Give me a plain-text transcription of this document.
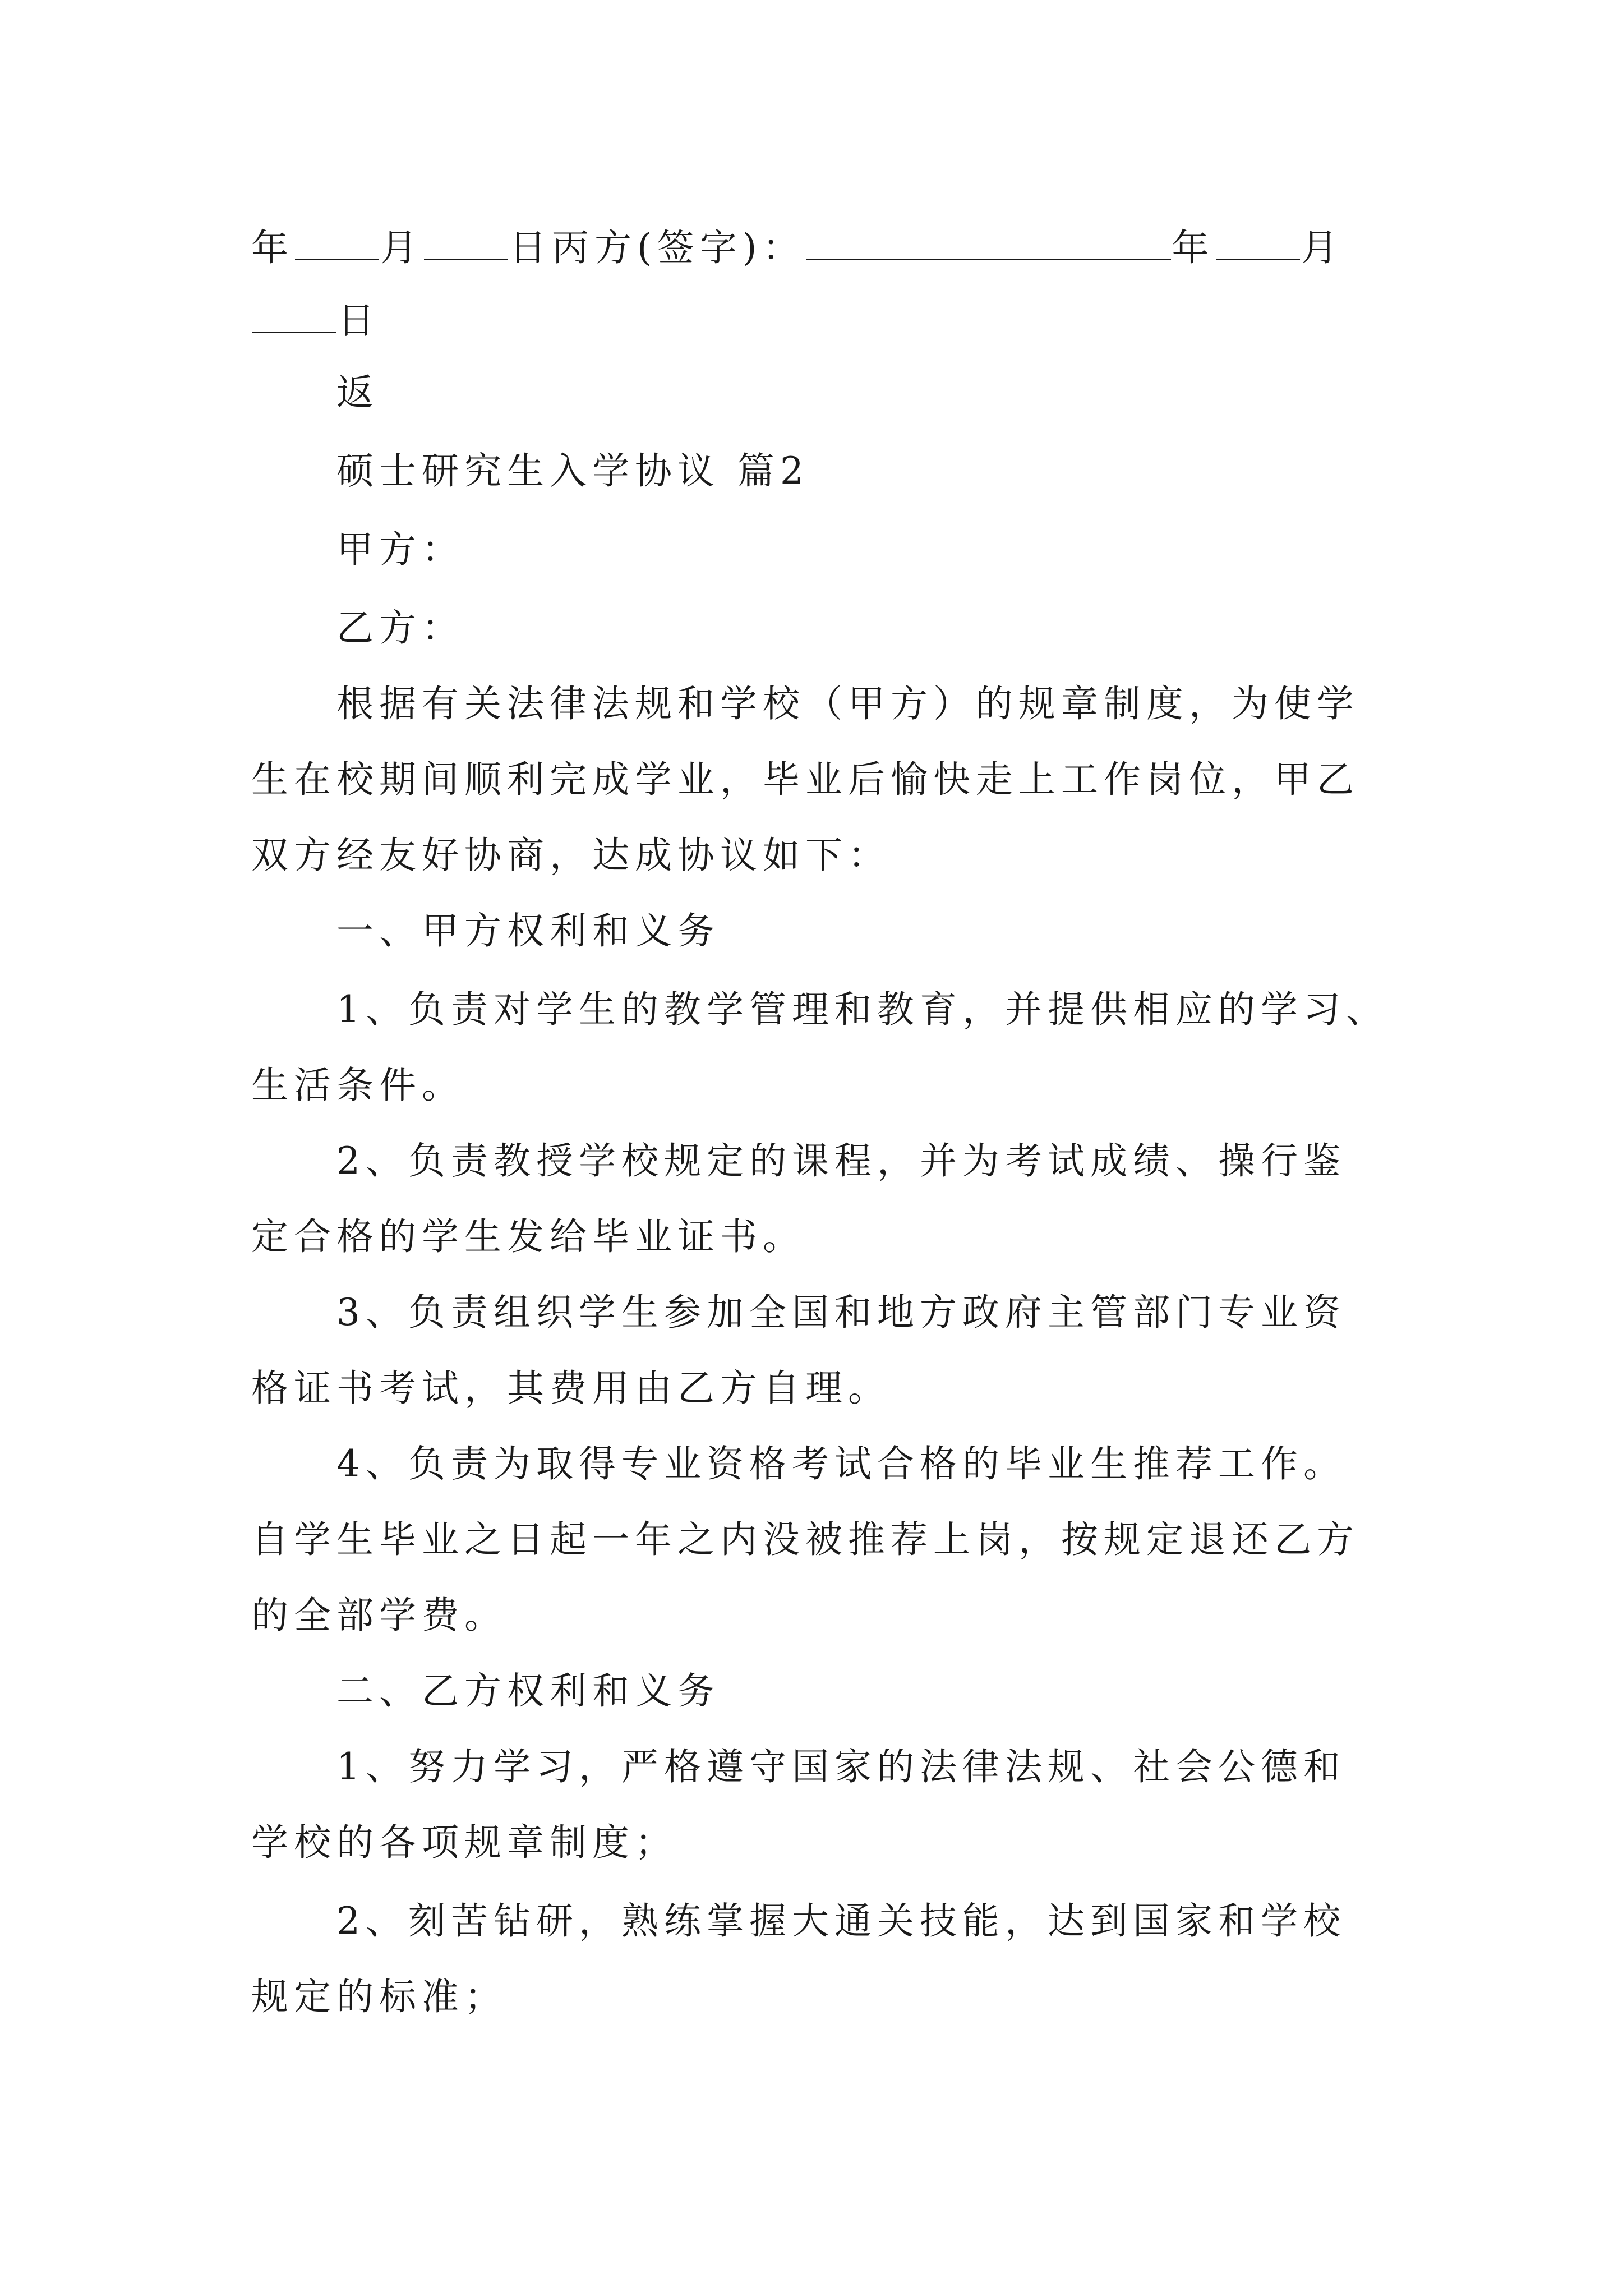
年 月 日丙方(签字)：	年 月
日
返
硕士研究生入学协议 篇2
甲方：
乙方：
根据有关法律法规和学校（甲方）的规章制度，为使学
生在校期间顺利完成学业，毕业后愉快走上工作岗位，甲乙
双方经友好协商，达成协议如下：
一、甲方权利和义务
1、负责对学生的教学管理和教育，并提供相应的学习、
生活条件。
2、负责教授学校规定的课程，并为考试成绩、操行鉴
定合格的学生发给毕业证书。
3、负责组织学生参加全国和地方政府主管部门专业资
格证书考试，其费用由乙方自理。
4、负责为取得专业资格考试合格的毕业生推荐工作。
自学生毕业之日起一年之内没被推荐上岗，按规定退还乙方
的全部学费。
二、乙方权利和义务
1、努力学习，严格遵守国家的法律法规、社会公德和
学校的各项规章制度；
2、刻苦钻研，熟练掌握大通关技能，达到国家和学校
规定的标准；
